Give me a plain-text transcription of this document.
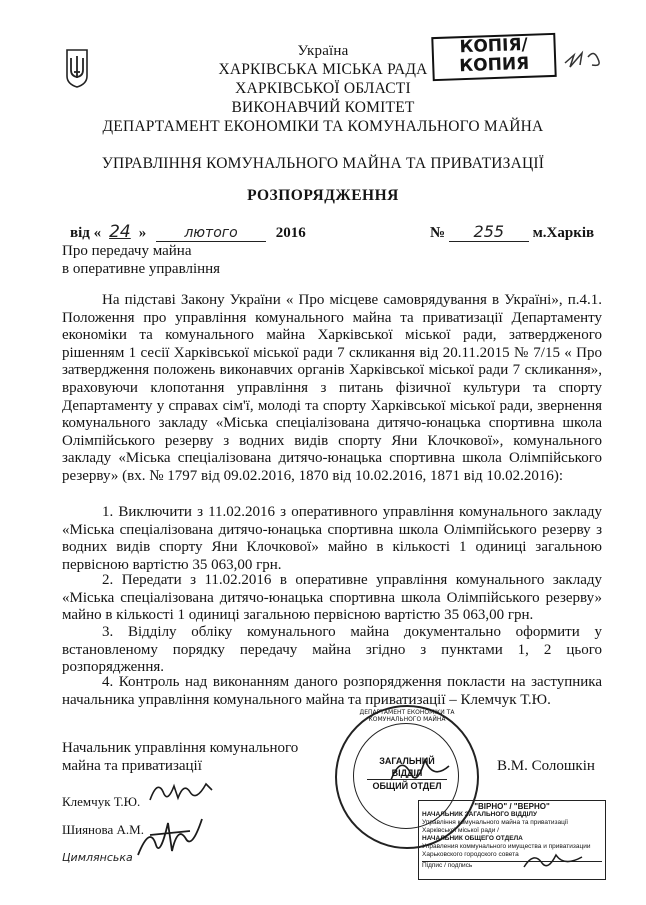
Україна
ХАРКІВСЬКА МІСЬКА РАДА
ХАРКІВСЬКОЇ ОБЛАСТІ
ВИКОНАВЧИЙ КОМІТЕТ
ДЕПАРТАМЕНТ ЕКОНОМІКИ ТА КОМУНАЛЬНОГО МАЙНА
УПРАВЛІННЯ КОМУНАЛЬНОГО МАЙНА ТА ПРИВАТИЗАЦІЇ
РОЗПОРЯДЖЕННЯ
КОПІЯ/
КОПИЯ
від « 24 »	лютого	2016	№ 255 м.Харків
Про передачу майна
в оперативне управління
На підставі Закону України « Про місцеве самоврядування в Україні», п.4.1. Положення про управління комунального майна та приватизації Департаменту економіки та комунального майна Харківської міської ради, затвердженого рішенням 1 сесії Харківської міської ради 7 скликання від 20.11.2015 № 7/15 « Про затвердження положень виконавчих органів Харківської міської ради 7 скликання», враховуючи клопотання управління з питань фізичної культури та спорту Департаменту у справах сім'ї, молоді та спорту Харківської міської ради, звернення комунального закладу «Міська спеціалізована дитячо-юнацька спортивна школа Олімпійського резерву з водних видів спорту Яни Клочкової», комунального закладу «Міська спеціалізована дитячо-юнацька спортивна школа Олімпійського резерву» (вх. № 1797 від 09.02.2016, 1870 від 10.02.2016, 1871 від 10.02.2016):
1. Виключити з 11.02.2016 з оперативного управління комунального закладу «Міська спеціалізована дитячо-юнацька спортивна школа Олімпійського резерву з водних видів спорту Яни Клочкової» майно в кількості 1 одиниці загальною первісною вартістю 35 063,00 грн.
2. Передати з 11.02.2016 в оперативне управління комунального закладу «Міська спеціалізована дитячо-юнацька спортивна школа Олімпійського резерву» майно в кількості 1 одиниці загальною первісною вартістю 35 063,00 грн.
3. Відділу обліку комунального майна документально оформити у встановленому порядку передачу майна згідно з пунктами 1, 2 цього розпорядження.
4. Контроль над виконанням даного розпорядження покласти на заступника начальника управління комунального майна та приватизації – Клемчук Т.Ю.
Начальник управління комунального
майна та приватизації	В.М. Солошкін
Клемчук Т.Ю.
Шиянова А.М.
Цимлянська
ДЕПАРТАМЕНТ ЕКОНОМІКИ ТА КОМУНАЛЬНОГО МАЙНА
ЗАГАЛЬНИЙ
ВІДДІЛ
ОБЩИЙ ОТДЕЛ
"ВІРНО" / "ВЕРНО"
НАЧАЛЬНИК ЗАГАЛЬНОГО ВІДДІЛУ
Управління комунального майна та приватизації
Харківської міської ради /
НАЧАЛЬНИК ОБЩЕГО ОТДЕЛА
Управления коммунального имущества и приватизации
Харьковского городского совета
Підпис / подпись
